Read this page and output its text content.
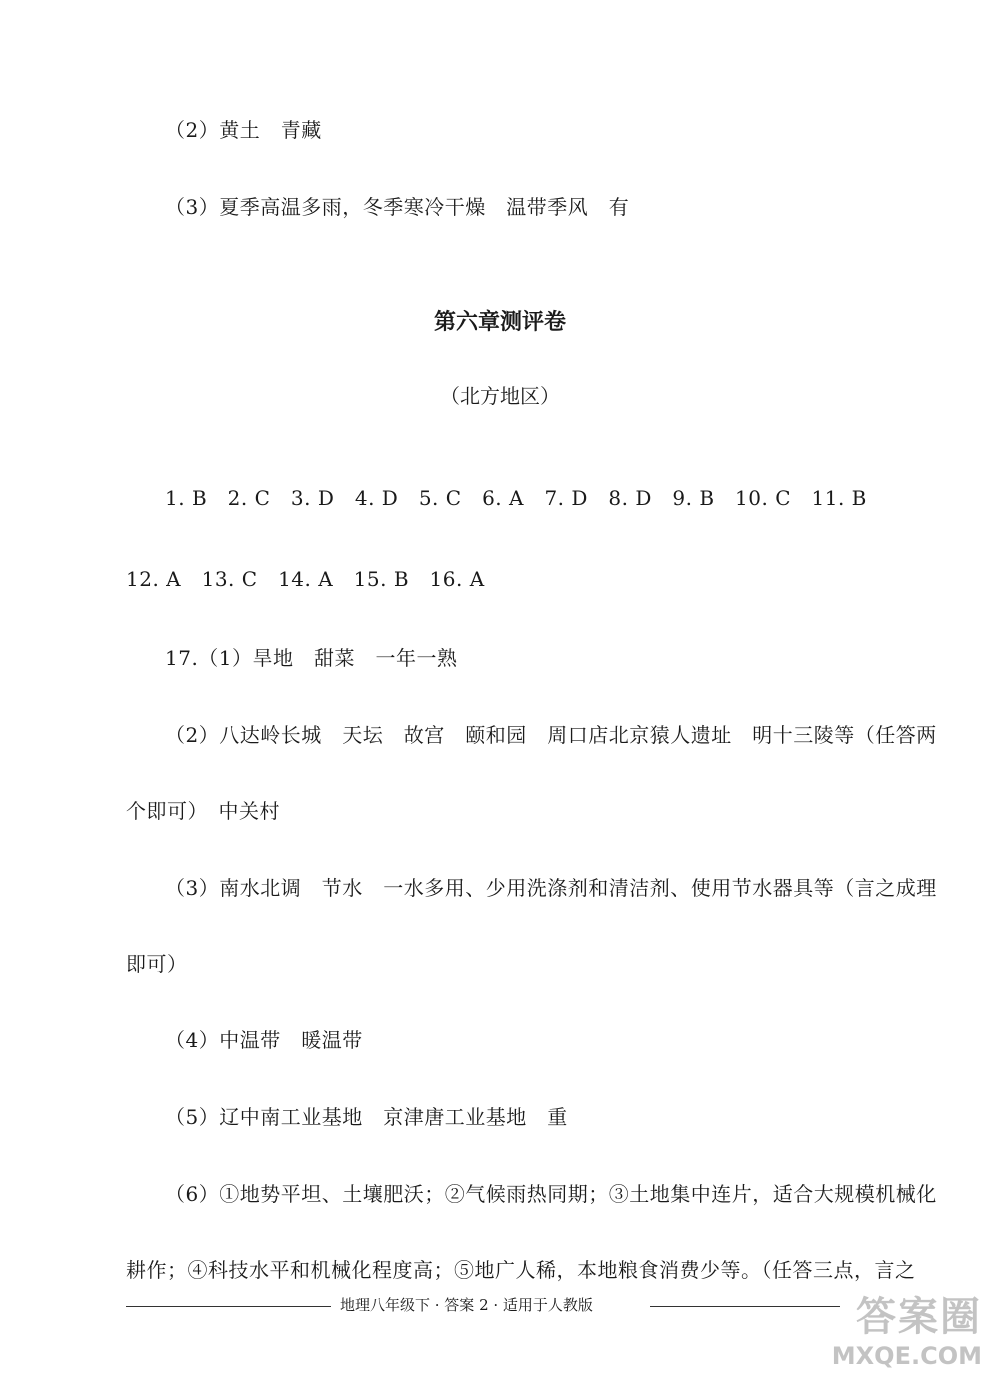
（2）黄土　青藏
（3）夏季高温多雨，冬季寒冷干燥　温带季风　有
第六章测评卷
（北方地区）
1. B　2. C　3. D　4. D　5. C　6. A　7. D　8. D　9. B　10. C　11. B
12. A　13. C　14. A　15. B　16. A
17.（1）旱地　甜菜　一年一熟
（2）八达岭长城　天坛　故宫　颐和园　周口店北京猿人遗址　明十三陵等（任答两
个即可）　中关村
（3）南水北调　节水　一水多用、少用洗涤剂和清洁剂、使用节水器具等（言之成理
即可）
（4）中温带　暖温带
（5）辽中南工业基地　京津唐工业基地　重
（6）①地势平坦、土壤肥沃；②气候雨热同期；③土地集中连片，适合大规模机械化
耕作；④科技水平和机械化程度高；⑤地广人稀，本地粮食消费少等。（任答三点，言之
地理八年级下 · 答案 2 · 适用于人教版	答案圈
MXQE.COM
